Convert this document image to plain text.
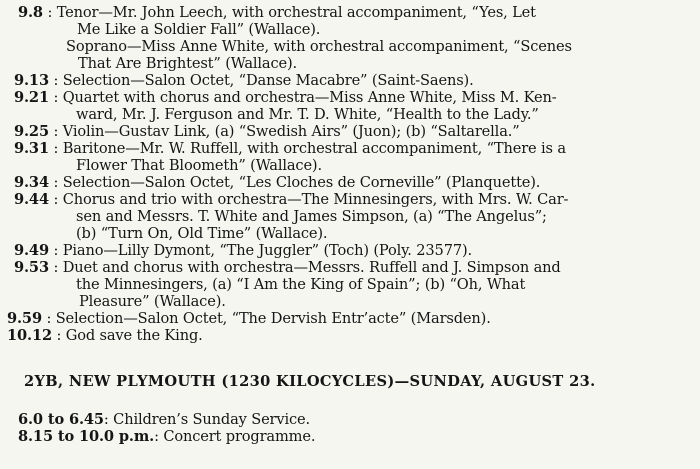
9.8 : Tenor—Mr. John Leech, with orchestral accompaniment, “Yes, Let
Me Like a Soldier Fall” (Wallace).
Soprano—Miss Anne White, with orchestral accompaniment, “Scenes
That Are Brightest” (Wallace).
9.13 : Selection—Salon Octet, “Danse Macabre” (Saint-Saens).
9.21 : Quartet with chorus and orchestra—Miss Anne White, Miss M. Ken-
ward, Mr. J. Ferguson and Mr. T. D. White, “Health to the Lady.”
9.25 : Violin—Gustav Link, (a) “Swedish Airs” (Juon); (b) “Saltarella.”
9.31 : Baritone—Mr. W. Ruffell, with orchestral accompaniment, “There is a
Flower That Bloometh” (Wallace).
9.34 : Selection—Salon Octet, “Les Cloches de Corneville” (Planquette).
9.44 : Chorus and trio with orchestra—The Minnesingers, with Mrs. W. Car-
sen and Messrs. T. White and James Simpson, (a) “The Angelus”;
(b) “Turn On, Old Time” (Wallace).
9.49 : Piano—Lilly Dymont, “The Juggler” (Toch) (Poly. 23577).
9.53 : Duet and chorus with orchestra—Messrs. Ruffell and J. Simpson and
the Minnesingers, (a) “I Am the King of Spain”; (b) “Oh, What
Pleasure” (Wallace).
9.59 : Selection—Salon Octet, “The Dervish Entr’acte” (Marsden).
10.12 : God save the King.
2YB, NEW PLYMOUTH (1230 KILOCYCLES)—SUNDAY, AUGUST 23.
6.0 to 6.45: Children’s Sunday Service.
8.15 to 10.0 p.m.: Concert programme.
